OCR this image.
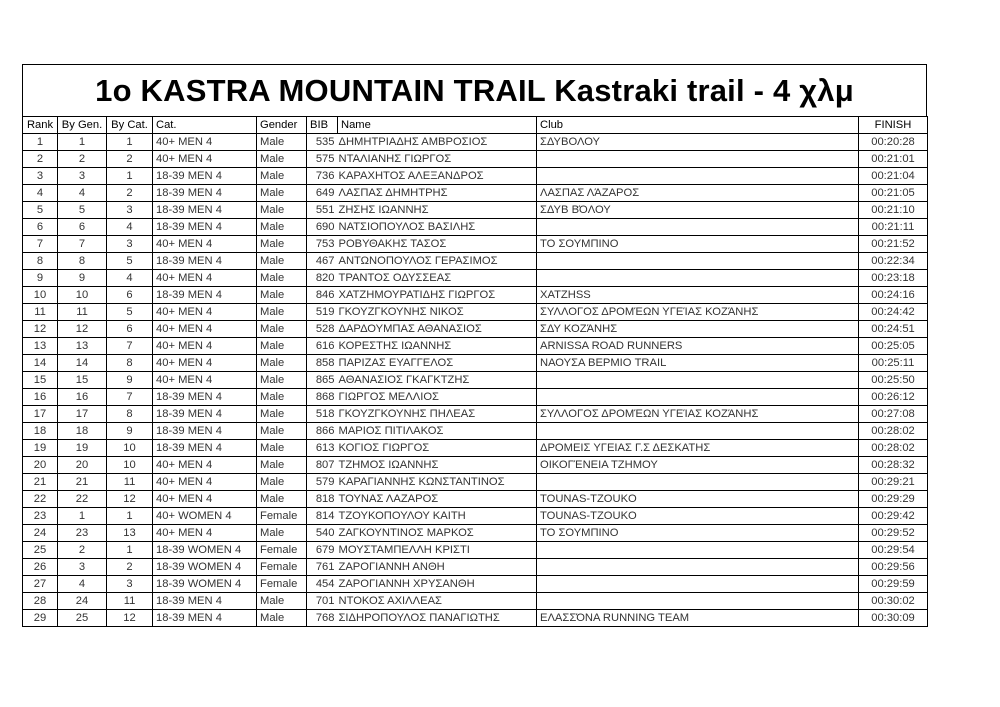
1o KASTRA MOUNTAIN TRAIL Kastraki trail - 4 χλμ
Rank	By Gen.	By Cat.	Cat.	Gender	BIB	Name	Club	FINISH
1	1	1	40+ MEN 4	Male	535	ΔΗΜΗΤΡΙΑΔΗΣ ΑΜΒΡΟΣΙΟΣ	ΣΔΥΒΟΛΟΥ	00:20:28
2	2	2	40+ MEN 4	Male	575	ΝΤΑΛΙΑΝΗΣ ΓΙΩΡΓΟΣ		00:21:01
3	3	1	18-39 MEN 4	Male	736	ΚΑΡΑΧΗΤΟΣ ΑΛΕΞΑΝΔΡΟΣ		00:21:04
4	4	2	18-39 MEN 4	Male	649	ΛΑΣΠΑΣ ΔΗΜΗΤΡΗΣ	ΛΑΣΠΑΣ ΛΆΖΑΡΟΣ	00:21:05
5	5	3	18-39 MEN 4	Male	551	ΖΗΣΗΣ ΙΩΑΝΝΗΣ	ΣΔΥΒ ΒΌΛΟΥ	00:21:10
6	6	4	18-39 MEN 4	Male	690	ΝΑΤΣΙΟΠΟΥΛΟΣ ΒΑΣΙΛΗΣ		00:21:11
7	7	3	40+ MEN 4	Male	753	ΡΟΒΥΘΑΚΗΣ ΤΑΣΟΣ	ΤΟ ΣΟΥΜΠΙΝΟ	00:21:52
8	8	5	18-39 MEN 4	Male	467	ΑΝΤΩΝΟΠΟΥΛΟΣ ΓΕΡΑΣΙΜΟΣ		00:22:34
9	9	4	40+ MEN 4	Male	820	ΤΡΑΝΤΟΣ ΟΔΥΣΣΕΑΣ		00:23:18
10	10	6	18-39 MEN 4	Male	846	ΧΑΤΖΗΜΟΥΡΑΤΙΔΗΣ ΓΙΩΡΓΟΣ	XATZHSS	00:24:16
11	11	5	40+ MEN 4	Male	519	ΓΚΟΥΖΓΚΟΥΝΗΣ ΝΙΚΟΣ	ΣΥΛΛΟΓΟΣ ΔΡΟΜΈΩΝ ΥΓΕΊΑΣ ΚΟΖΆΝΗΣ	00:24:42
12	12	6	40+ MEN 4	Male	528	ΔΑΡΔΟΥΜΠΑΣ ΑΘΑΝΑΣΙΟΣ	ΣΔΥ ΚΟΖΆΝΗΣ	00:24:51
13	13	7	40+ MEN 4	Male	616	ΚΟΡΕΣΤΗΣ ΙΩΑΝΝΗΣ	ARNISSA ROAD RUNNERS	00:25:05
14	14	8	40+ MEN 4	Male	858	ΠΑΡΙΖΑΣ ΕΥΑΓΓΕΛΟΣ	ΝΑΟΥΣΑ ΒΕΡΜΙΟ TRAIL	00:25:11
15	15	9	40+ MEN 4	Male	865	ΑΘΑΝΑΣΙΟΣ ΓΚΑΓΚΤΖΗΣ		00:25:50
16	16	7	18-39 MEN 4	Male	868	ΓΙΩΡΓΟΣ ΜΕΛΛΙΟΣ		00:26:12
17	17	8	18-39 MEN 4	Male	518	ΓΚΟΥΖΓΚΟΥΝΗΣ ΠΗΛΕΑΣ	ΣΥΛΛΟΓΟΣ ΔΡΟΜΈΩΝ ΥΓΕΊΑΣ ΚΟΖΆΝΗΣ	00:27:08
18	18	9	18-39 MEN 4	Male	866	ΜΑΡΙΟΣ ΠΙΤΙΛΑΚΟΣ		00:28:02
19	19	10	18-39 MEN 4	Male	613	ΚΟΓΙΟΣ ΓΙΩΡΓΟΣ	ΔΡΟΜΕΙΣ ΥΓΕΙΑΣ Γ.Σ ΔΕΣΚΑΤΗΣ	00:28:02
20	20	10	40+ MEN 4	Male	807	ΤΖΗΜΟΣ ΙΩΑΝΝΗΣ	ΟΙΚΟΓΈΝΕΙΑ ΤΖΗΜΟΥ	00:28:32
21	21	11	40+ MEN 4	Male	579	ΚΑΡΑΓΙΑΝΝΗΣ ΚΩΝΣΤΑΝΤΙΝΟΣ		00:29:21
22	22	12	40+ MEN 4	Male	818	ΤΟΥΝΑΣ ΛΑΖΑΡΟΣ	TOUNAS-TZOUKO	00:29:29
23	1	1	40+ WOMEN 4	Female	814	ΤΖΟΥΚΟΠΟΥΛΟΥ ΚΑΙΤΗ	TOUNAS-TZOUKO	00:29:42
24	23	13	40+ MEN 4	Male	540	ΖΑΓΚΟΥΝΤΙΝΟΣ ΜΑΡΚΟΣ	ΤΟ ΣΟΥΜΠΙΝΟ	00:29:52
25	2	1	18-39 WOMEN 4	Female	679	ΜΟΥΣΤΑΜΠΕΛΛΗ ΚΡΙΣΤΙ		00:29:54
26	3	2	18-39 WOMEN 4	Female	761	ΖΑΡΟΓΙΑΝΝΗ ΑΝΘΗ		00:29:56
27	4	3	18-39 WOMEN 4	Female	454	ΖΑΡΟΓΙΑΝΝΗ ΧΡΥΣΑΝΘΗ		00:29:59
28	24	11	18-39 MEN 4	Male	701	ΝΤΟΚΟΣ ΑΧΙΛΛΕΑΣ		00:30:02
29	25	12	18-39 MEN 4	Male	768	ΣΙΔΗΡΟΠΟΥΛΟΣ ΠΑΝΑΓΙΩΤΗΣ	ΕΛΑΣΣΌΝΑ RUNNING TEAM	00:30:09
